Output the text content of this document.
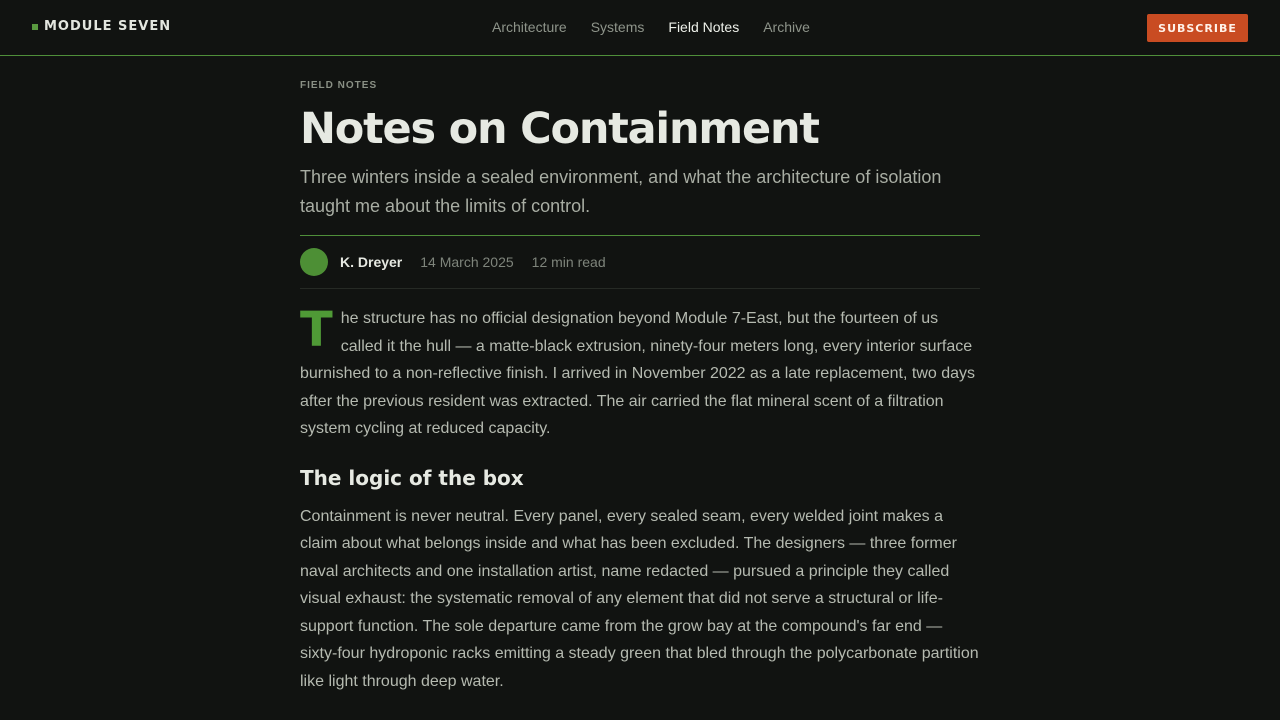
MODULE SEVEN	Architecture Systems Field Notes Archive	SUBSCRIBE
FIELD NOTES
Notes on Containment

Three winters inside a sealed environment, and what the architecture of isolation taught me about the limits of control.

K. Dreyer 14 March 2025 12 min read

The structure has no official designation beyond Module 7-East, but the fourteen of us called it the hull — a matte-black extrusion, ninety-four meters long, every interior surface burnished to a non-reflective finish. I arrived in November 2022 as a late replacement, two days after the previous resident was extracted. The air carried the flat mineral scent of a filtration system cycling at reduced capacity.

The logic of the box

Containment is never neutral. Every panel, every sealed seam, every welded joint makes a claim about what belongs inside and what has been excluded. The designers — three former naval architects and one installation artist, name redacted — pursued a principle they called visual exhaust: the systematic removal of any element that did not serve a structural or life-support function. The sole departure came from the grow bay at the compound's far end — sixty-four hydroponic racks emitting a steady green that bled through the polycarbonate partition like light through deep water.
